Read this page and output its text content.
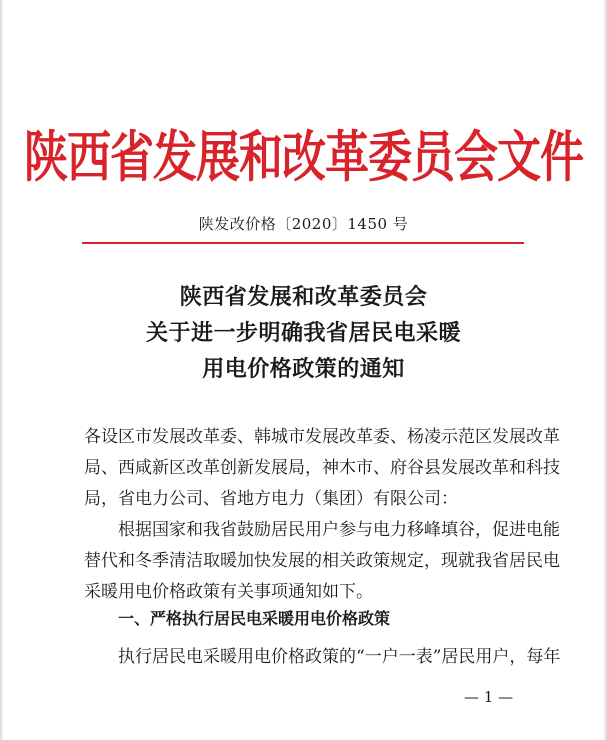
陕西省发展和改革委员会文件
陕发改价格〔2020〕1450 号
陕西省发展和改革委员会
关于进一步明确我省居民电采暖
用电价格政策的通知
各设区市发展改革委、韩城市发展改革委、杨凌示范区发展改革
局、西咸新区改革创新发展局，神木市、府谷县发展改革和科技
局，省电力公司、省地方电力（集团）有限公司：
根据国家和我省鼓励居民用户参与电力移峰填谷，促进电能
替代和冬季清洁取暖加快发展的相关政策规定，现就我省居民电
采暖用电价格政策有关事项通知如下。
一、严格执行居民电采暖用电价格政策
执行居民电采暖用电价格政策的“一户一表”居民用户，每年
— 1 —
